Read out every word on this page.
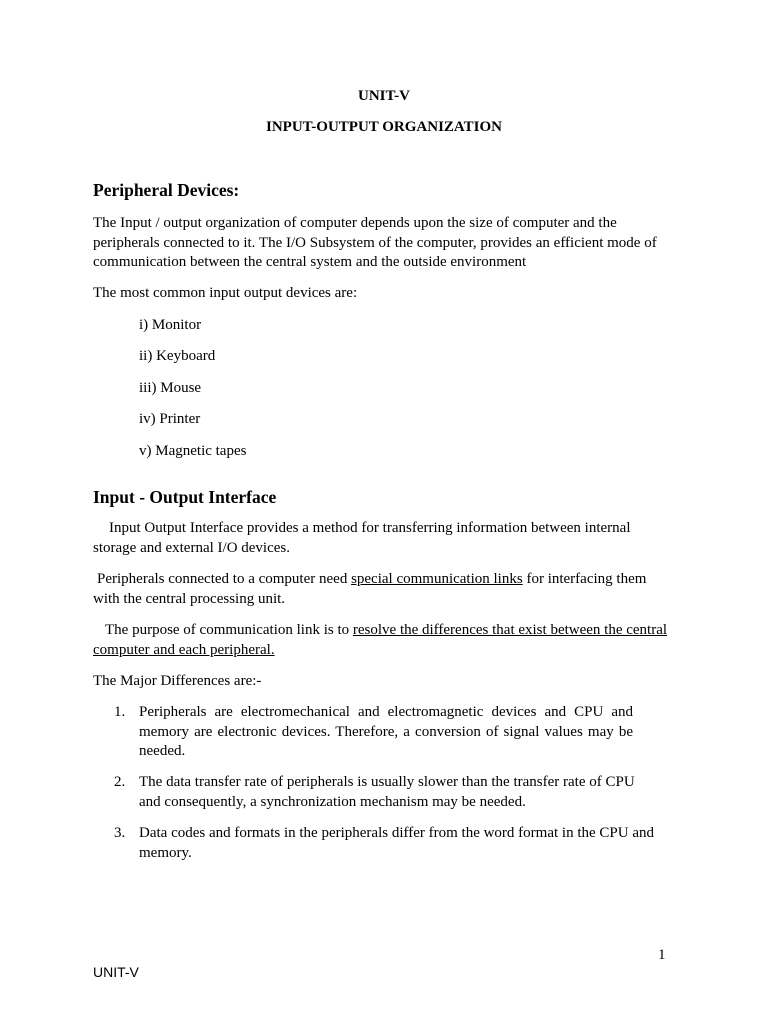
UNIT-V
INPUT-OUTPUT ORGANIZATION
Peripheral Devices:

The Input / output organization of computer depends upon the size of computer and the peripherals connected to it. The I/O Subsystem of the computer, provides an efficient mode of communication between the central system and the outside environment

The most common input output devices are:

i) Monitor
ii) Keyboard
iii) Mouse
iv) Printer
v) Magnetic tapes
Input - Output Interface

Input Output Interface provides a method for transferring information between internal storage and external I/O devices.

Peripherals connected to a computer need special communication links for interfacing them with the central processing unit.

The purpose of communication link is to resolve the differences that exist between the central computer and each peripheral.

The Major Differences are:-

1. Peripherals are electromechanical and electromagnetic devices and CPU and memory are electronic devices. Therefore, a conversion of signal values may be needed.
2. The data transfer rate of peripherals is usually slower than the transfer rate of CPU and consequently, a synchronization mechanism may be needed.
3. Data codes and formats in the peripherals differ from the word format in the CPU and memory.
1
UNIT-V
